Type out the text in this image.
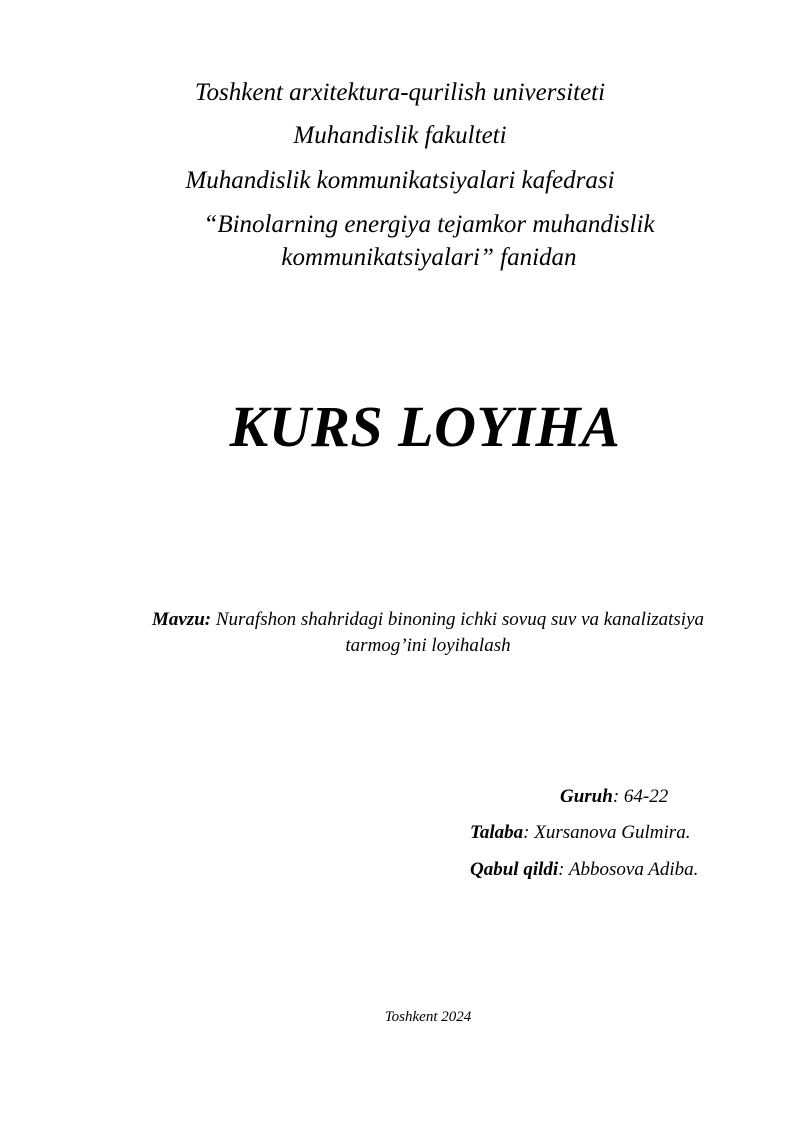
Toshkent arxitektura-qurilish universiteti
Muhandislik fakulteti
Muhandislik kommunikatsiyalari kafedrasi
“Binolarning energiya tejamkor muhandislik
kommunikatsiyalari” fanidan
KURS LOYIHA
Mavzu: Nurafshon shahridagi binoning ichki sovuq suv va kanalizatsiya
tarmog’ini loyihalash
Guruh: 64-22
Talaba: Xursanova Gulmira.
Qabul qildi: Abbosova Adiba.
Toshkent 2024
